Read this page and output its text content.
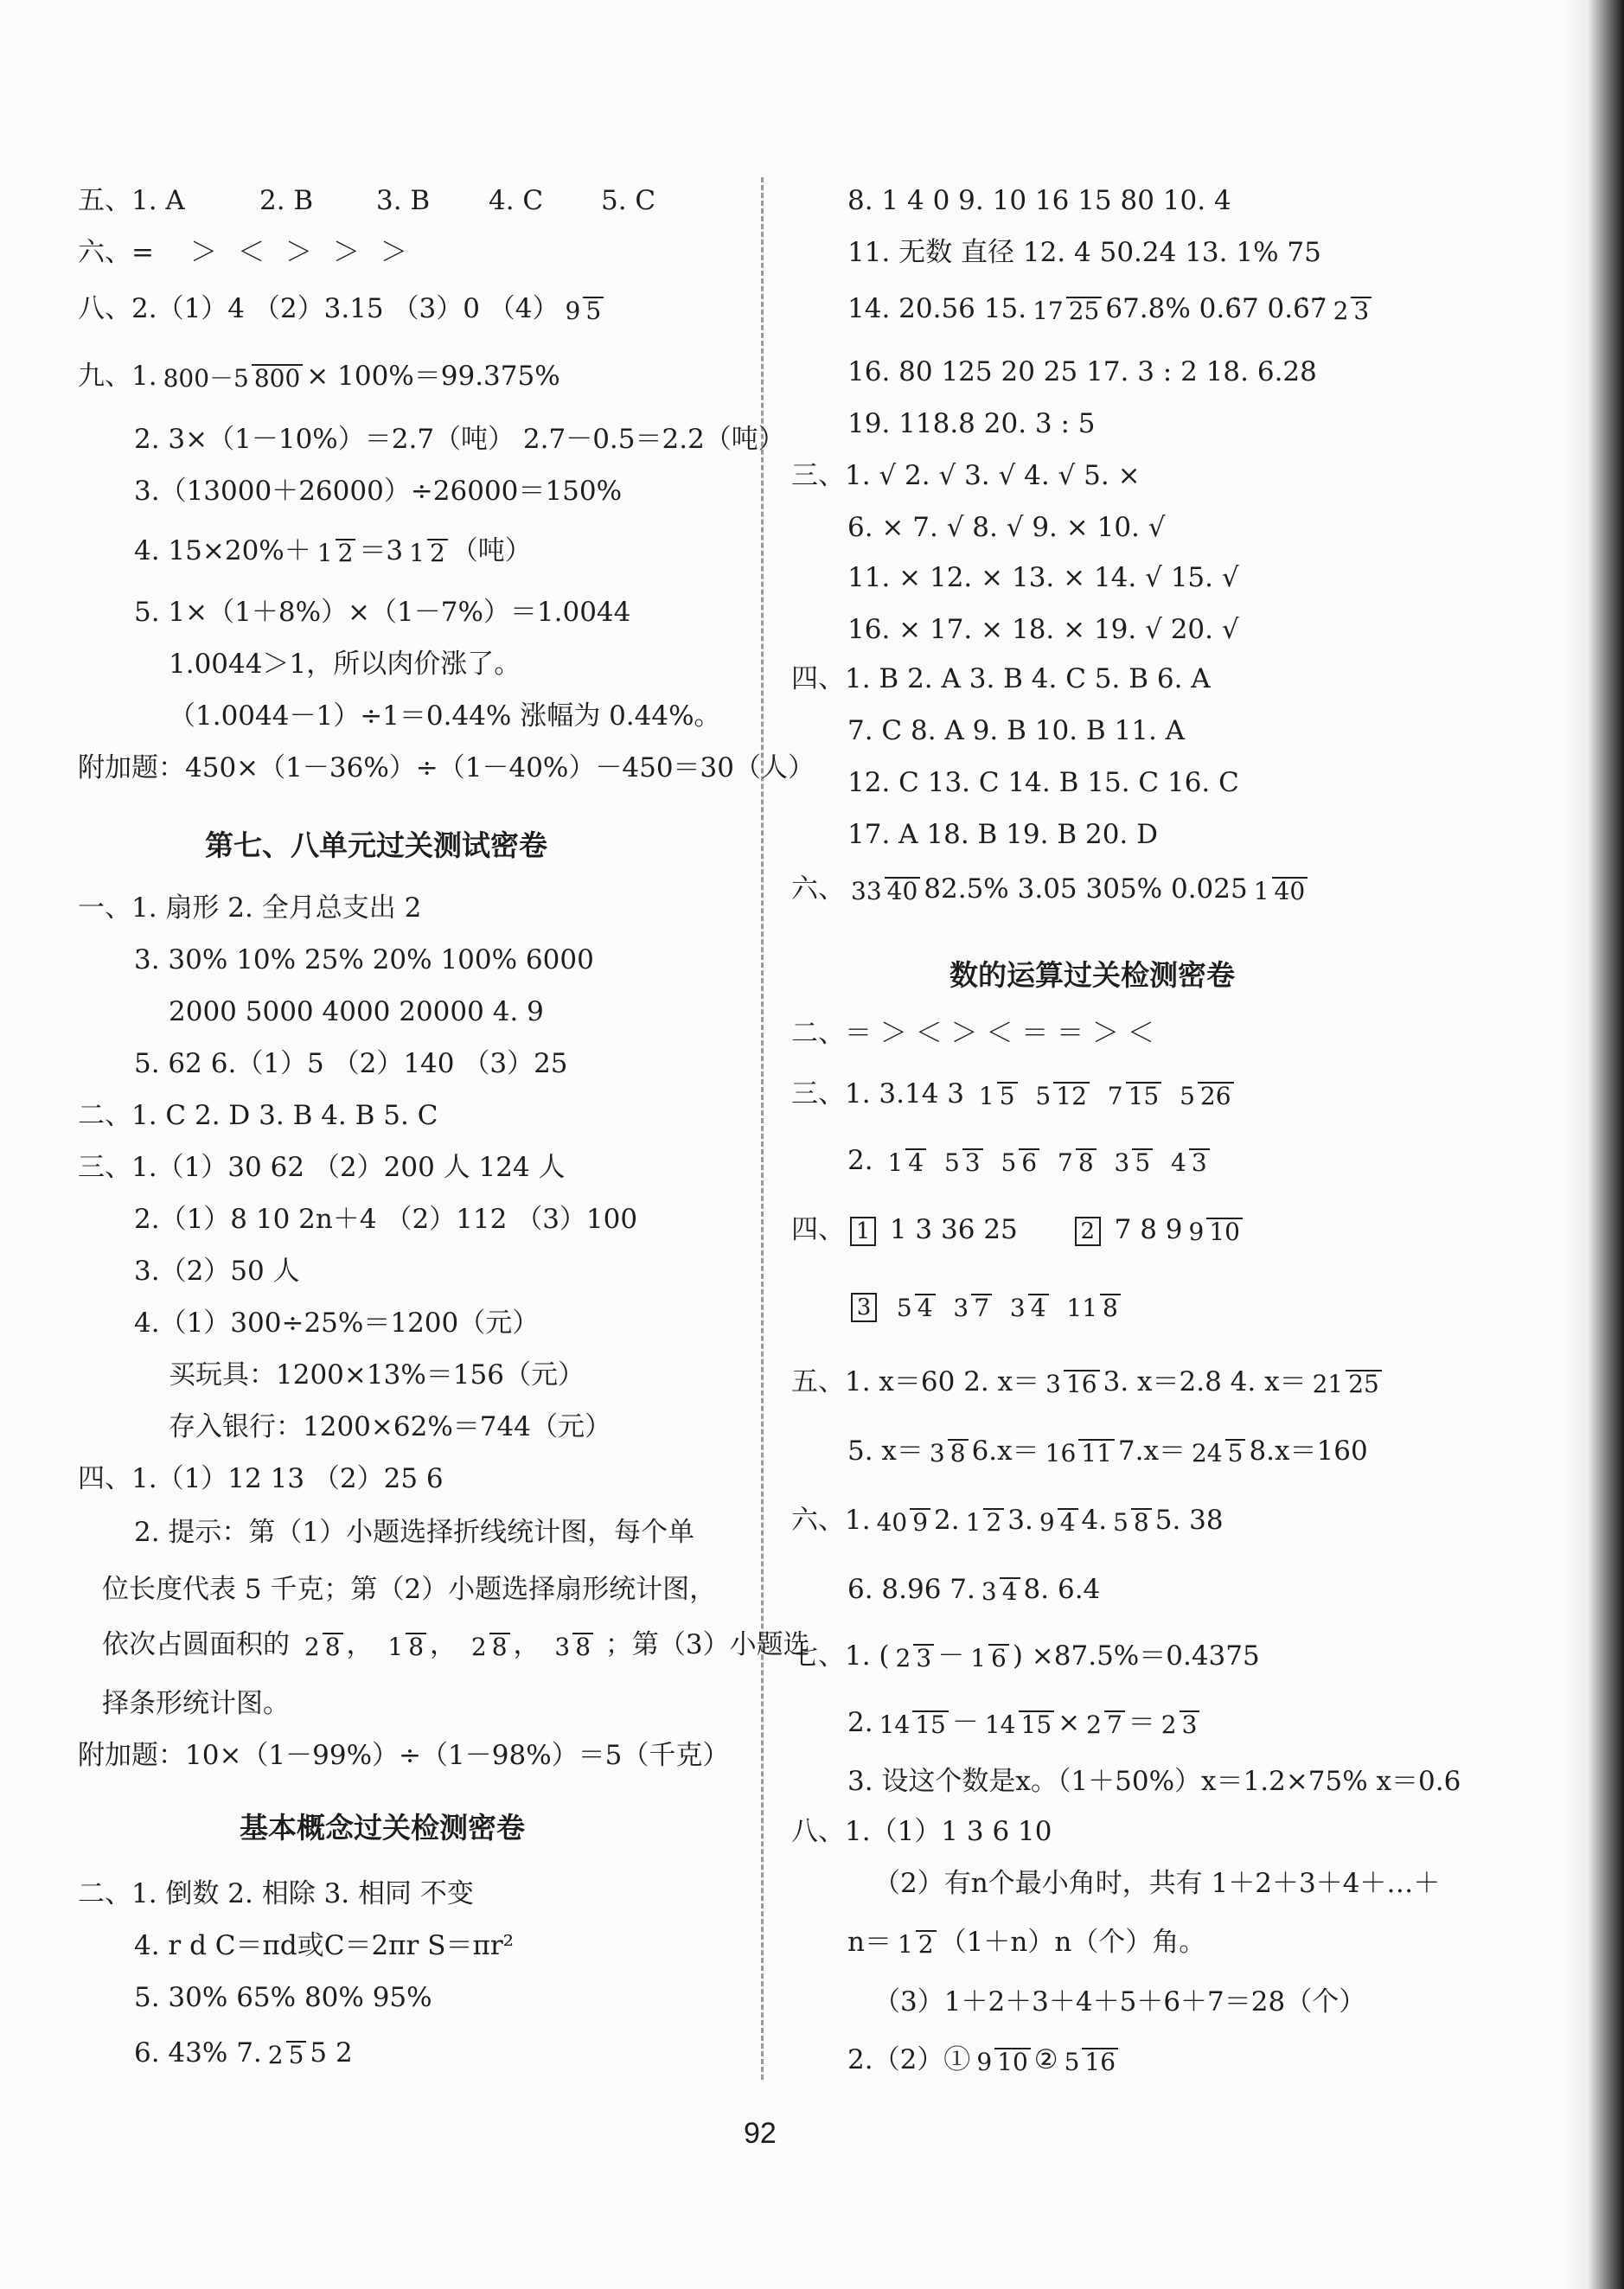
五、1. A	2. B 3. B 4. C 5. C
六、= ＞ ＜ ＞ ＞ ＞
八、2.（1）4 （2）3.15 （3）0 （4） 9 5
九、1. 800－5 800 × 100%＝99.375%
2. 3×（1－10%）＝2.7（吨） 2.7－0.5＝2.2（吨）
3.（13000＋26000）÷26000＝150%
4. 15×20%＋ 1 2 ＝3 1 2 （吨）
5. 1×（1＋8%）×（1－7%）＝1.0044
1.0044＞1，所以肉价涨了。
（1.0044－1）÷1＝0.44% 涨幅为 0.44%。
附加题：450×（1－36%）÷（1－40%）－450＝30（人）
第七、八单元过关测试密卷
一、1. 扇形 2. 全月总支出 2
3. 30% 10% 25% 20% 100% 6000
2000 5000 4000 20000 4. 9
5. 62 6.（1）5 （2）140 （3）25
二、1. C 2. D 3. B 4. B 5. C
三、1.（1）30 62 （2）200 人 124 人
2.（1）8 10 2n＋4 （2）112 （3）100
3.（2）50 人
4.（1）300÷25%＝1200（元）
买玩具：1200×13%＝156（元）
存入银行：1200×62%＝744（元）
四、1.（1）12 13 （2）25 6
2. 提示：第（1）小题选择折线统计图，每个单
位长度代表 5 千克；第（2）小题选择扇形统计图，
依次占圆面积的 2 8 ， 1 8 ， 2 8 ， 3 8 ；第（3）小题选
择条形统计图。
附加题：10×（1－99%）÷（1－98%）＝5（千克）
基本概念过关检测密卷
二、1. 倒数 2. 相除 3. 相同 不变
4. r d C＝πd或C＝2πr S＝πr²
5. 30% 65% 80% 95%
6. 43% 7. 2 5 5 2
8. 1 4 0 9. 10 16 15 80 10. 4
11. 无数 直径 12. 4 50.24 13. 1% 75
14. 20.56 15. 17 25 67.8% 0.6̇7 0.6̇7̇ 2 3
16. 80 125 20 25 17. 3 : 2 18. 6.28
19. 118.8 20. 3 : 5
三、1. √ 2. √ 3. √ 4. √ 5. ×
6. × 7. √ 8. √ 9. × 10. √
11. × 12. × 13. × 14. √ 15. √
16. × 17. × 18. × 19. √ 20. √
四、1. B 2. A 3. B 4. C 5. B 6. A
7. C 8. A 9. B 10. B 11. A
12. C 13. C 14. B 15. C 16. C
17. A 18. B 19. B 20. D
六、 33 40 82.5% 3.05 305% 0.025 1 40
数的运算过关检测密卷
二、＝ ＞ ＜ ＞ ＜ ＝ ＝ ＞ ＜
三、1. 3.14 3 1 5 5 12 7 15 5 26
2. 1 4 5 3 5 6 7 8 3 5 4 3
四、 1 1 3 36 25	2 7 8 9 9 10
3 5 4 3 7 3 4 11 8
五、1. x＝60 2. x＝ 3 16 3. x＝2.8 4. x＝ 21 25
5. x＝ 3 8 6.x＝ 16 11 7.x＝ 24 5 8.x＝160
六、1. 40 9 2. 1 2 3. 9 4 4. 5 8 5. 38
6. 8.96 7. 3 4 8. 6.4
七、1. ( 2 3 － 1 6 ) ×87.5%＝0.4375
2. 14 15 － 14 15 × 2 7 ＝ 2 3
3. 设这个数是x。（1＋50%）x＝1.2×75% x＝0.6
八、1.（1）1 3 6 10
（2）有n个最小角时，共有 1＋2＋3＋4＋…＋
n＝ 1 2 （1＋n）n（个）角。
（3）1＋2＋3＋4＋5＋6＋7＝28（个）
2.（2）① 9 10 ② 5 16
92
